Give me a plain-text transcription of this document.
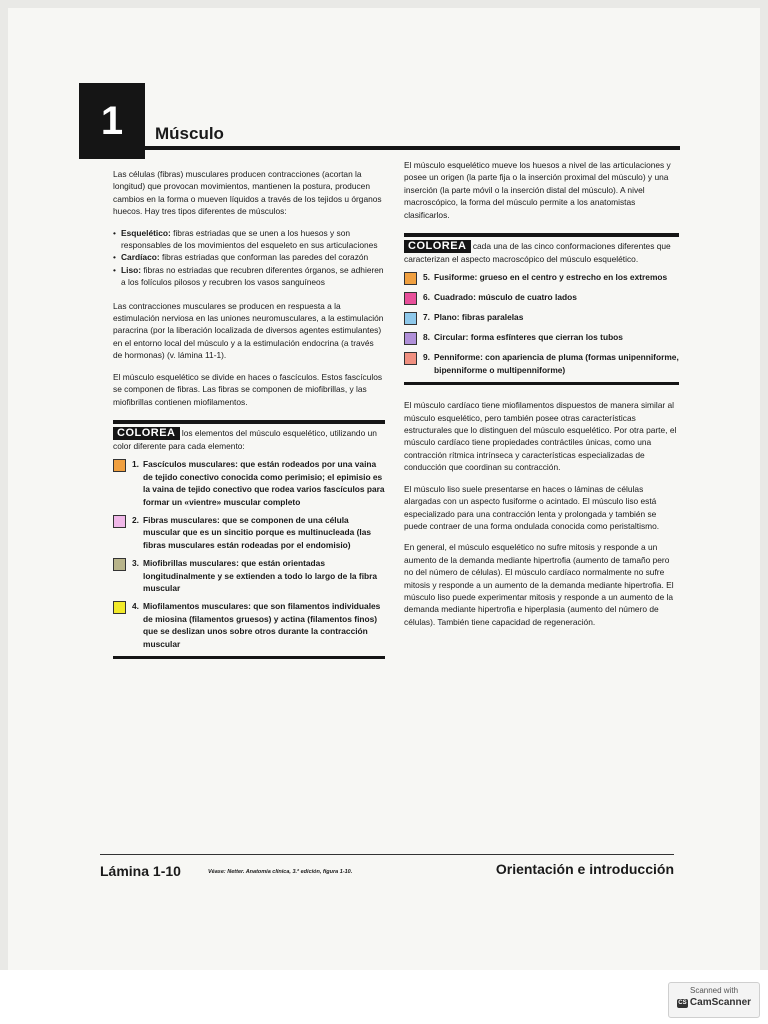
1	Músculo

Las células (fibras) musculares producen contracciones (acortan la longitud) que provocan movimientos, mantienen la postura, producen cambios en la forma o mueven líquidos a través de los tejidos u órganos huecos. Hay tres tipos diferentes de músculos:

• Esquelético: fibras estriadas que se unen a los huesos y son responsables de los movimientos del esqueleto en sus articulaciones
• Cardíaco: fibras estriadas que conforman las paredes del corazón
• Liso: fibras no estriadas que recubren diferentes órganos, se adhieren a los folículos pilosos y recubren los vasos sanguíneos

Las contracciones musculares se producen en respuesta a la estimulación nerviosa en las uniones neuromusculares, a la estimulación paracrina (por la liberación localizada de diversos agentes estimulantes) en el entorno local del músculo y a la estimulación endocrina (a través de hormonas) (v. lámina 11-1).

El músculo esquelético se divide en haces o fascículos. Estos fascículos se componen de fibras. Las fibras se componen de miofibrillas, y las miofibrillas contienen miofilamentos.

COLOREA los elementos del músculo esquelético, utilizando un color diferente para cada elemento:
1. Fascículos musculares: que están rodeados por una vaina de tejido conectivo conocida como perimisio; el epimisio es la vaina de tejido conectivo que rodea varios fascículos para formar un «vientre» muscular completo
2. Fibras musculares: que se componen de una célula muscular que es un sincitio porque es multinucleada (las fibras musculares están rodeadas por el endomisio)
3. Miofibrillas musculares: que están orientadas longitudinalmente y se extienden a todo lo largo de la fibra muscular
4. Miofilamentos musculares: que son filamentos individuales de miosina (filamentos gruesos) y actina (filamentos finos) que se deslizan unos sobre otros durante la contracción muscular

El músculo esquelético mueve los huesos a nivel de las articulaciones y posee un origen (la parte fija o la inserción proximal del músculo) y una inserción (la parte móvil o la inserción distal del músculo). A nivel macroscópico, la forma del músculo permite a los anatomistas clasificarlos.

COLOREA cada una de las cinco conformaciones diferentes que caracterizan el aspecto macroscópico del músculo esquelético.
5. Fusiforme: grueso en el centro y estrecho en los extremos
6. Cuadrado: músculo de cuatro lados
7. Plano: fibras paralelas
8. Circular: forma esfínteres que cierran los tubos
9. Penniforme: con apariencia de pluma (formas unipenniforme, bipenniforme o multipenniforme)

El músculo cardíaco tiene miofilamentos dispuestos de manera similar al músculo esquelético, pero también posee otras características estructurales que lo distinguen del músculo esquelético. Por otra parte, el músculo cardíaco tiene propiedades contráctiles únicas, como una contracción rítmica intrínseca y características especializadas de conducción que coordinan su contracción.

El músculo liso suele presentarse en haces o láminas de células alargadas con un aspecto fusiforme o acintado. El músculo liso está especializado para una contracción lenta y prolongada y también se puede contraer de una forma ondulada conocida como peristaltismo.

En general, el músculo esquelético no sufre mitosis y responde a un aumento de la demanda mediante hipertrofia (aumento de tamaño pero no del número de células). El músculo cardíaco normalmente no sufre mitosis y responde a un aumento de la demanda mediante hipertrofia. El músculo liso puede experimentar mitosis y responde a un aumento de la demanda mediante hipertrofia e hiperplasia (aumento del número de células). También tiene capacidad de regeneración.

Lámina 1-10	Véase: Netter. Anatomía clínica, 3.ª edición, figura 1-10.	Orientación e introducción
Scanned with
CS CamScanner
